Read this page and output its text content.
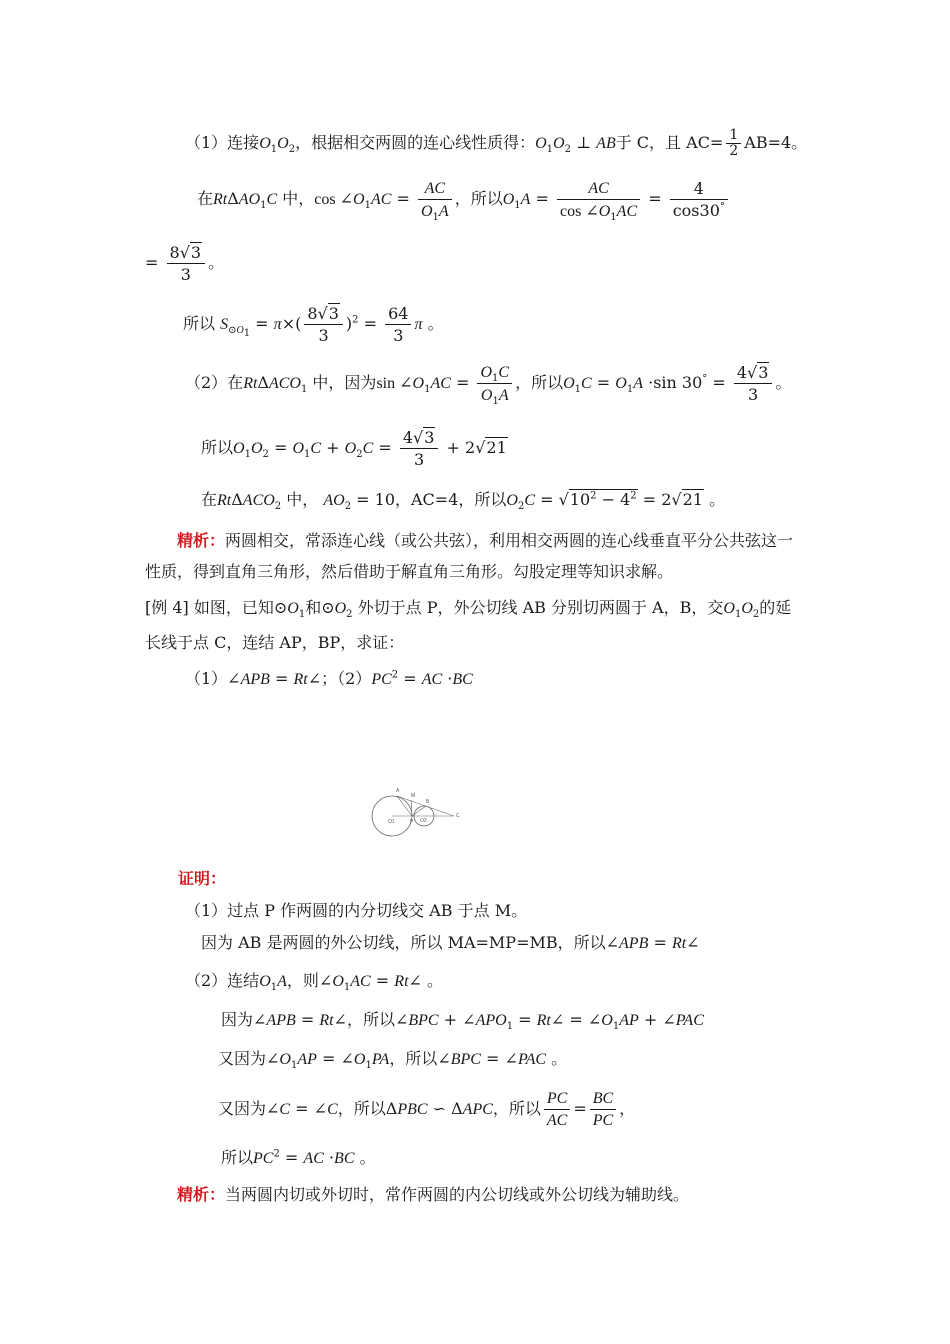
（1）连接$O_1O_2$，根据相交两圆的连心线性质得：$O_1O_2$ ⊥ AB于 C，且 $AC= \frac{1}{2} AB=4$。
在RtΔAO$_1$C 中，$\cos \angle O_1AC = \frac{AC}{O_1A}$ ，所以$O_1A = \frac{AC}{\cos \angle O_1AC} = \frac{4}{\cos 30^\circ}$
= $\frac{8√3}{3}$ 。
所以 $S_{⊙O_1} = \pi\times( \frac{8√3}{3} )^2 = \frac{64}{3}$ π 。
（2）在RtΔACO$_1$ 中，因为$\sin \angle O_1AC = \frac{O_1C}{O_1A}$ ，所以$O_1C = O_1A \cdot\sin$ $30^\circ = \frac{4√3}{3}$ 。
所以$O_1O_2 = O_1C + O_2C = \frac{4√3}{3} + 2√21$
在RtΔACO$_2$ 中， $AO_2 = 10$，AC=4，所以$O_2C = √10^2 - 4^2 = 2√21$ 。
精析：两圆相交，常添连心线（或公共弦），利用相交两圆的连心线垂直平分公共弦这一
性质，得到直角三角形，然后借助于解直角三角形。勾股定理等知识求解。
[例 4] 如图，已知$⊙O_1$和$⊙O_2$ 外切于点 P，外公切线 AB 分别切两圆于 A，B，交$O_1O_2$的延
长线于点 C，连结 AP，BP，求证：
（1）∠APB = Rt∠；$(2)PC^2$ = AC ·BC
A
M
B
C
O1	P O2
证明：
（1）过点 P 作两圆的内分切线交 AB 于点 M。
因为 AB 是两圆的外公切线，所以 MA=MP=MB，所以∠APB = Rt∠
（2）连结$O_1A$，则$\angle O_1AC$ = Rt∠ 。
因为∠APB = Rt∠，所以∠BPC + $\angle APO_1$ = Rt∠ = $\angle O_1AP$ + ∠PAC
又因为$\angle O_1AP$ = $\angle O_1PA$，所以∠BPC = ∠PAC 。
又因为∠C = ∠C，所以ΔPBC ∽ ΔAPC，所以 $\frac{PC}{AC} = \frac{BC}{PC}$ ，
所以$PC^2$ = AC ·BC 。
精析：当两圆内切或外切时，常作两圆的内公切线或外公切线为辅助线。
